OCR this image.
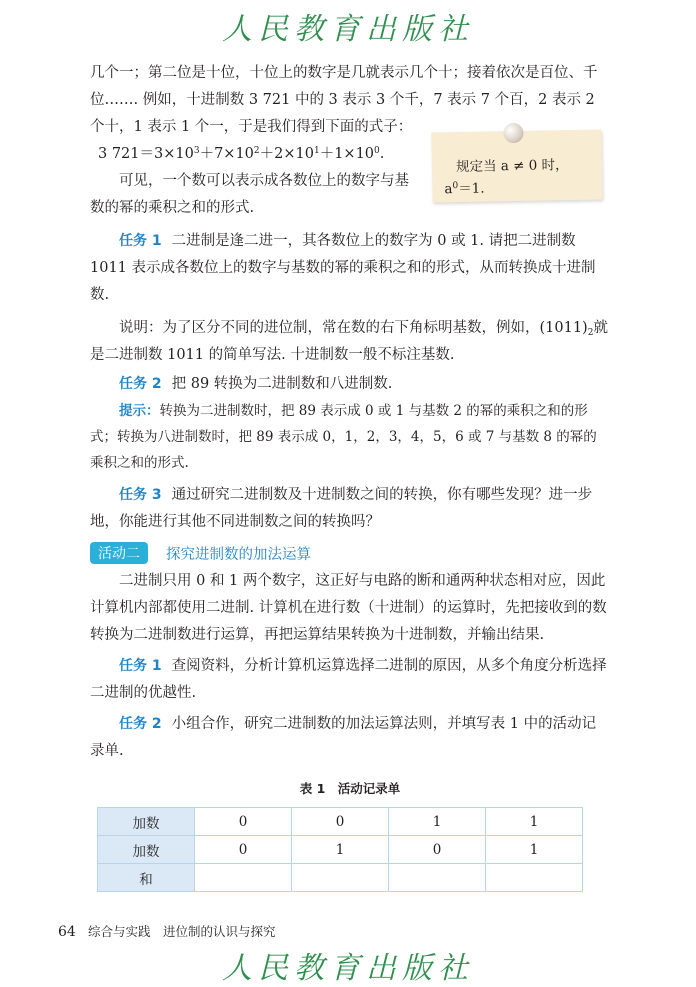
人民教育出版社
规定当 a ≠ 0 时，
$a^0=1$.

几个一；第二位是十位，十位上的数字是几就表示几个十；接着依次是百位、千位……. 例如，十进制数 3 721 中的 3 表示 3 个千，7 表示 7 个百，2 表示 2 个十，1 表示 1 个一，于是我们得到下面的式子：

3 $721=3\times 10^3+7\times 10^2+2\times 10^1+1\times 10^0$.

可见，一个数可以表示成各数位上的数字与基数的幂的乘积之和的形式.

任务 1 二进制是逢二进一，其各数位上的数字为 0 或 1. 请把二进制数 1011 表示成各数位上的数字与基数的幂的乘积之和的形式，从而转换成十进制数.

说明：为了区分不同的进位制，常在数的右下角标明基数，例如，$(1011)_2$就是二进制数 1011 的简单写法. 十进制数一般不标注基数.

任务 2 把 89 转换为二进制数和八进制数.

提示：转换为二进制数时，把 89 表示成 0 或 1 与基数 2 的幂的乘积之和的形式；转换为八进制数时，把 89 表示成 0，1，2，3，4，5，6 或 7 与基数 8 的幂的乘积之和的形式.

任务 3 通过研究二进制数及十进制数之间的转换，你有哪些发现？进一步地，你能进行其他不同进制数之间的转换吗？

活动二	探究进制数的加法运算

二进制只用 0 和 1 两个数字，这正好与电路的断和通两种状态相对应，因此计算机内部都使用二进制. 计算机在进行数（十进制）的运算时，先把接收到的数转换为二进制数进行运算，再把运算结果转换为十进制数，并输出结果.

任务 1 查阅资料，分析计算机运算选择二进制的原因，从多个角度分析选择二进制的优越性.

任务 2 小组合作，研究二进制数的加法运算法则，并填写表 1 中的活动记录单.

表 1　活动记录单
加数	0	0	1	1
加数	0	1	0	1
和				
64 综合与实践　进位制的认识与探究
人民教育出版社
